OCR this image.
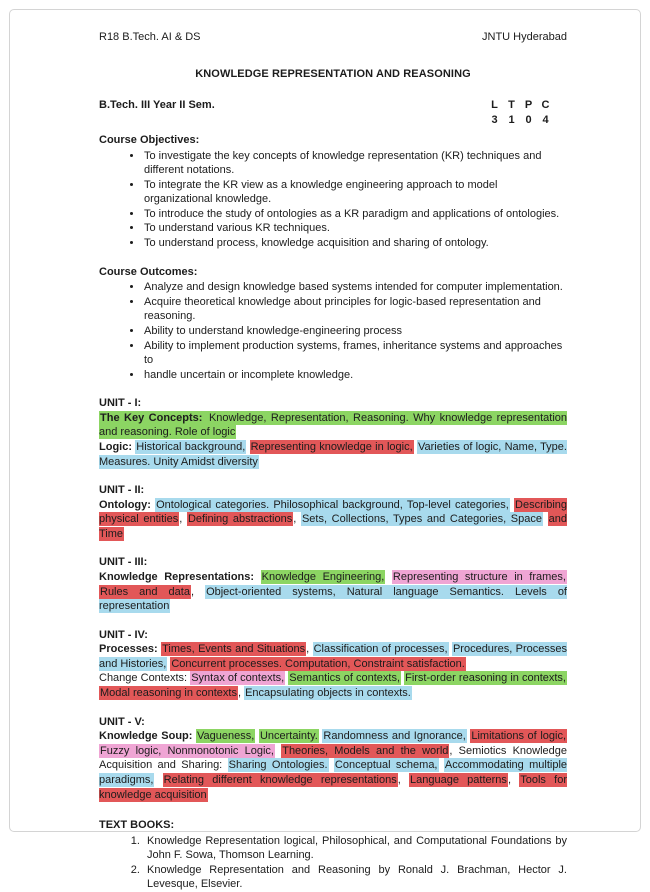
R18 B.Tech. AI & DS	JNTU Hyderabad
KNOWLEDGE REPRESENTATION AND REASONING
B.Tech. III Year II Sem.	L T P C
3 1 0 4
Course Objectives:
• To investigate the key concepts of knowledge representation (KR) techniques and different notations.
• To integrate the KR view as a knowledge engineering approach to model organizational knowledge.
• To introduce the study of ontologies as a KR paradigm and applications of ontologies.
• To understand various KR techniques.
• To understand process, knowledge acquisition and sharing of ontology.
Course Outcomes:
• Analyze and design knowledge based systems intended for computer implementation.
• Acquire theoretical knowledge about principles for logic-based representation and reasoning.
• Ability to understand knowledge-engineering process
• Ability to implement production systems, frames, inheritance systems and approaches to
• handle uncertain or incomplete knowledge.
UNIT - I:
The Key Concepts: Knowledge, Representation, Reasoning. Why knowledge representation and reasoning. Role of logic
Logic: Historical background, Representing knowledge in logic, Varieties of logic, Name, Type. Measures. Unity Amidst diversity
UNIT - II:
Ontology: Ontological categories. Philosophical background, Top-level categories, Describing physical entities, Defining abstractions, Sets, Collections, Types and Categories, Space and Time
UNIT - III:
Knowledge Representations: Knowledge Engineering, Representing structure in frames, Rules and data, Object-oriented systems, Natural language Semantics. Levels of representation
UNIT - IV:
Processes: Times, Events and Situations, Classification of processes, Procedures, Processes and Histories, Concurrent processes. Computation, Constraint satisfaction.
Change Contexts: Syntax of contexts, Semantics of contexts, First-order reasoning in contexts, Modal reasoning in contexts, Encapsulating objects in contexts.
UNIT - V:
Knowledge Soup: Vagueness, Uncertainty. Randomness and Ignorance, Limitations of logic, Fuzzy logic, Nonmonotonic Logic, Theories, Models and the world, Semiotics Knowledge Acquisition and Sharing: Sharing Ontologies. Conceptual schema, Accommodating multiple paradigms, Relating different knowledge representations, Language patterns, Tools for knowledge acquisition
TEXT BOOKS:
1. Knowledge Representation logical, Philosophical, and Computational Foundations by John F. Sowa, Thomson Learning.
2. Knowledge Representation and Reasoning by Ronald J. Brachman, Hector J. Levesque, Elsevier.
